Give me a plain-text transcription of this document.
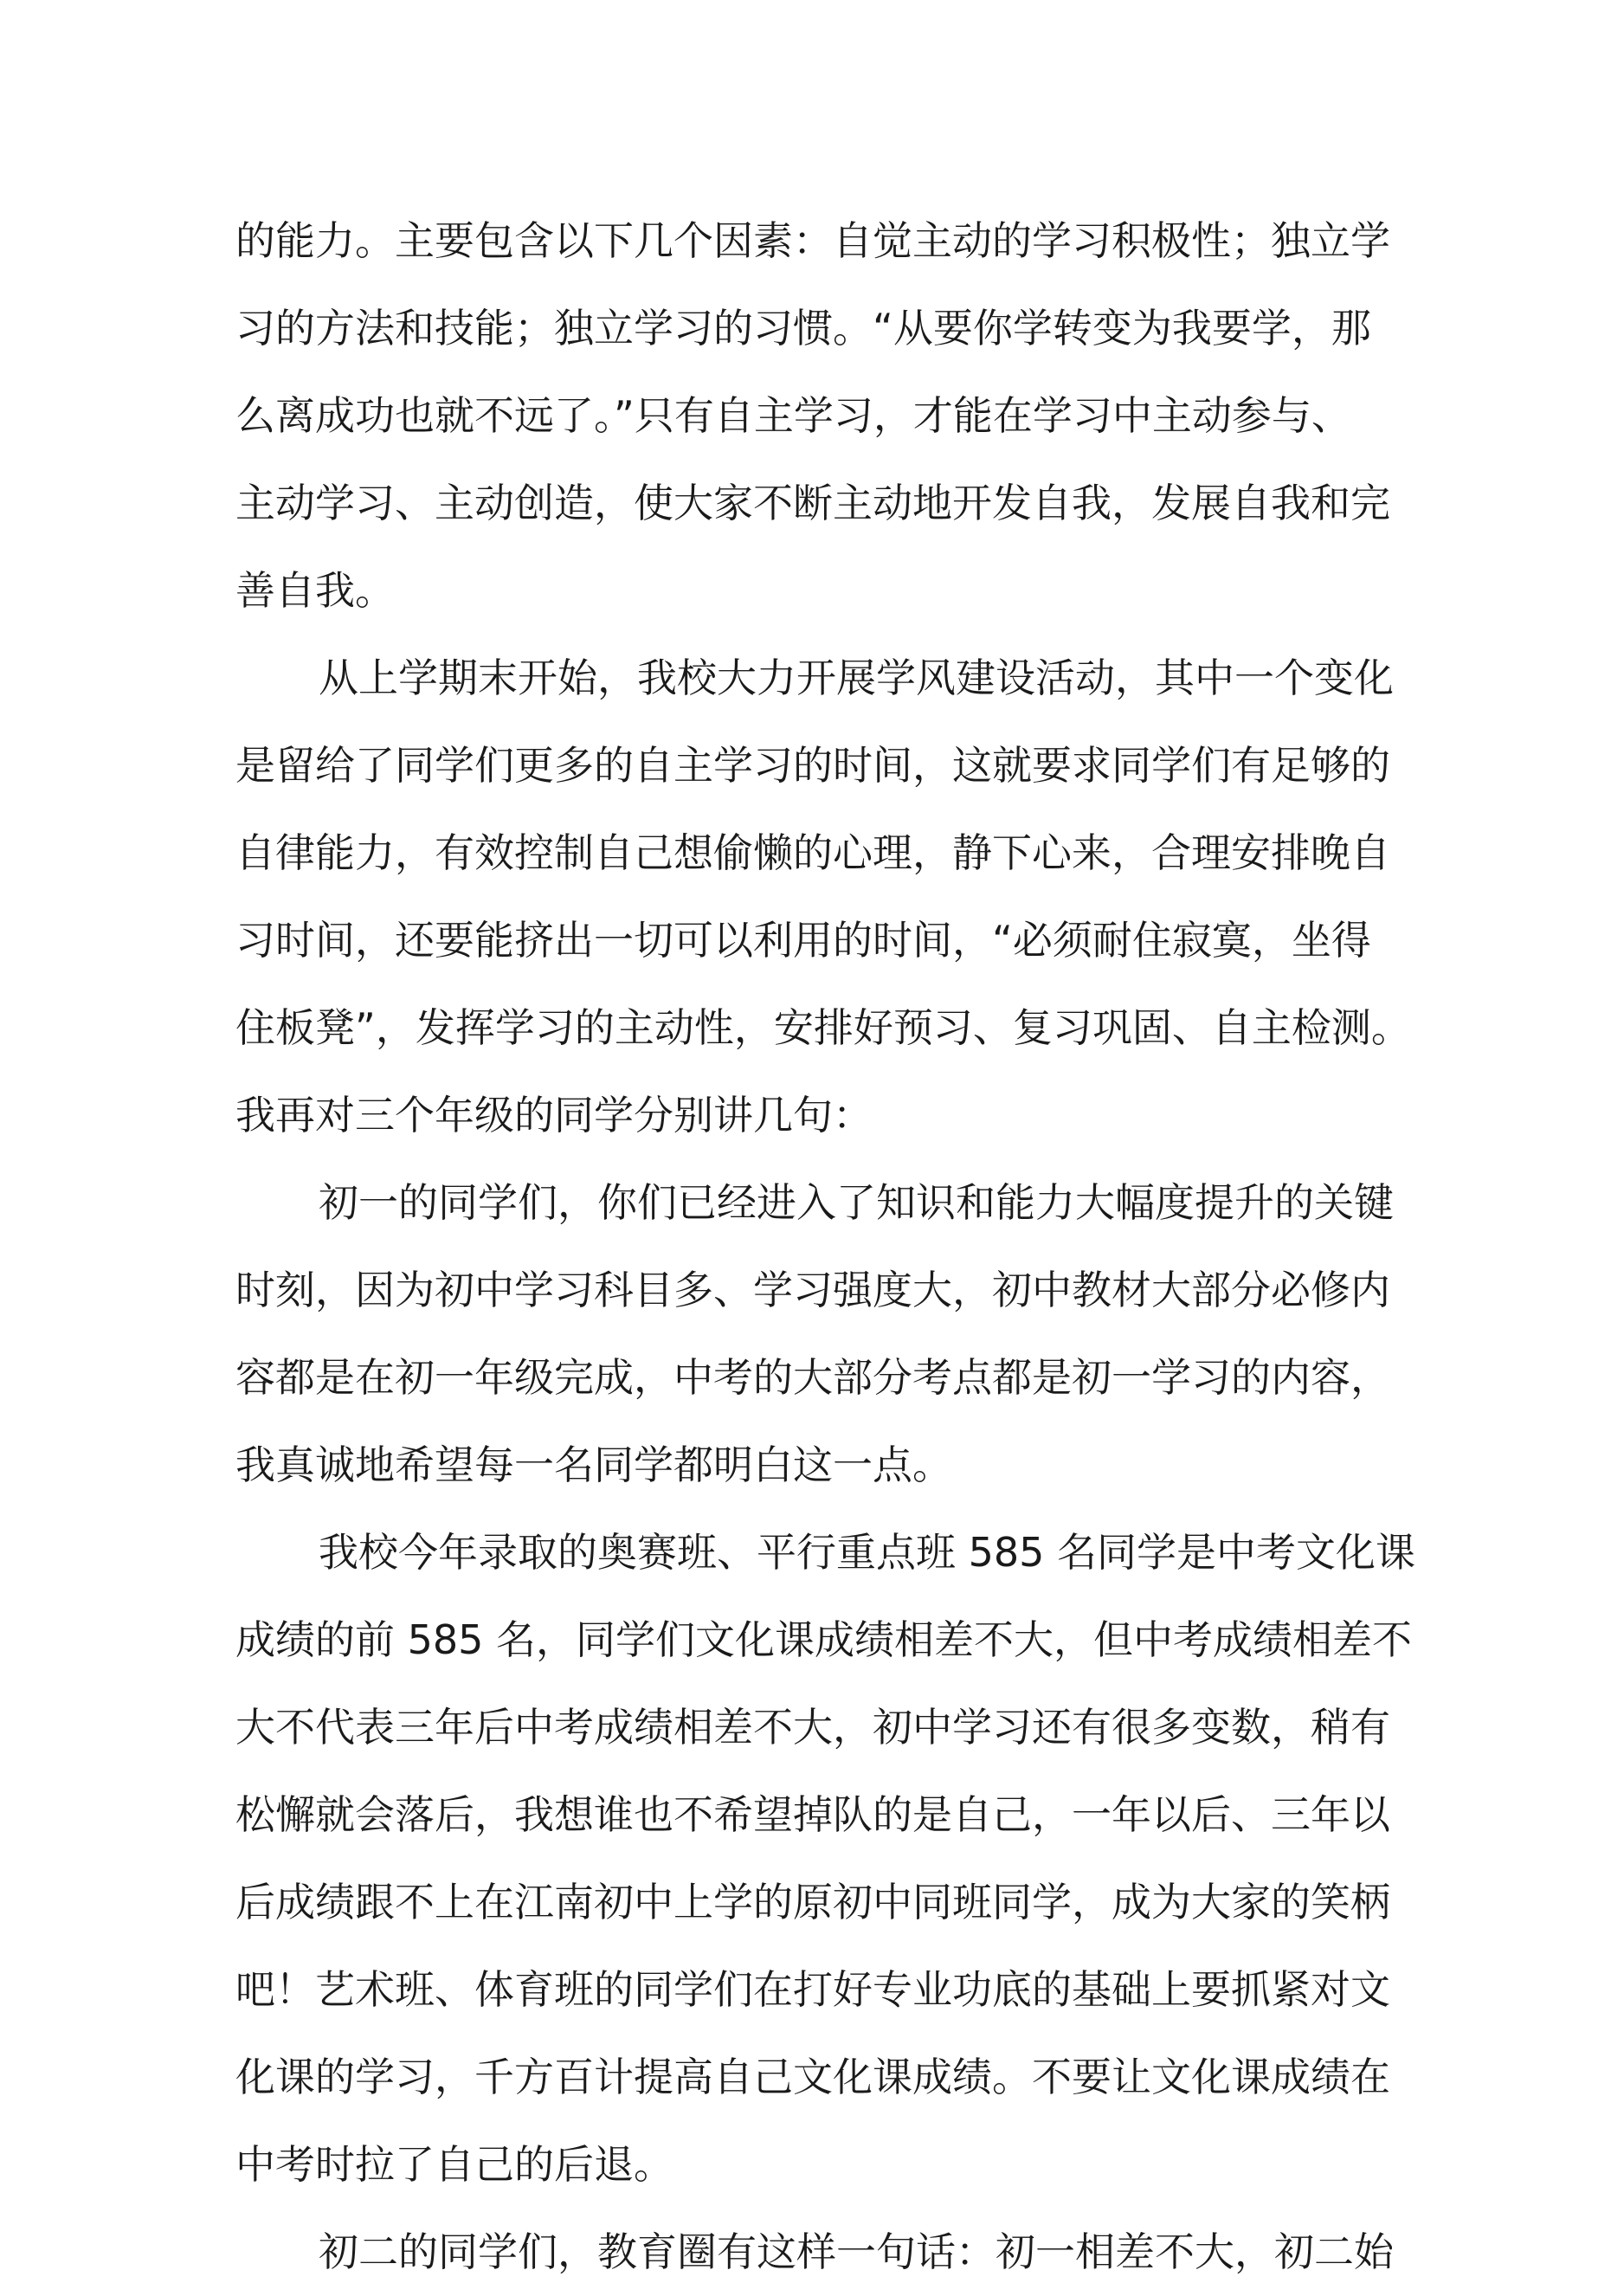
的能力。主要包含以下几个因素：自觉主动的学习积极性；独立学
习的方法和技能；独立学习的习惯。“从要你学转变为我要学，那
么离成功也就不远了。”只有自主学习，才能在学习中主动参与、
主动学习、主动创造，使大家不断主动地开发自我，发展自我和完
善自我。

从上学期末开始，我校大力开展学风建设活动，其中一个变化
是留给了同学们更多的自主学习的时间，这就要求同学们有足够的
自律能力，有效控制自己想偷懒的心理，静下心来，合理安排晚自
习时间，还要能挤出一切可以利用的时间，“必须耐住寂寞，坐得
住板凳”，发挥学习的主动性，安排好预习、复习巩固、自主检测。
我再对三个年级的同学分别讲几句：

初一的同学们，你们已经进入了知识和能力大幅度提升的关键
时刻，因为初中学习科目多、学习强度大，初中教材大部分必修内
容都是在初一年级完成，中考的大部分考点都是初一学习的内容，
我真诚地希望每一名同学都明白这一点。

我校今年录取的奥赛班、平行重点班 585 名同学是中考文化课
成绩的前 585 名，同学们文化课成绩相差不大，但中考成绩相差不
大不代表三年后中考成绩相差不大，初中学习还有很多变数，稍有
松懈就会落后，我想谁也不希望掉队的是自己，一年以后、三年以
后成绩跟不上在江南初中上学的原初中同班同学，成为大家的笑柄
吧！艺术班、体育班的同学们在打好专业功底的基础上要抓紧对文
化课的学习，千方百计提高自己文化课成绩。不要让文化课成绩在
中考时拉了自己的后退。

初二的同学们，教育圈有这样一句话：初一相差不大，初二始
